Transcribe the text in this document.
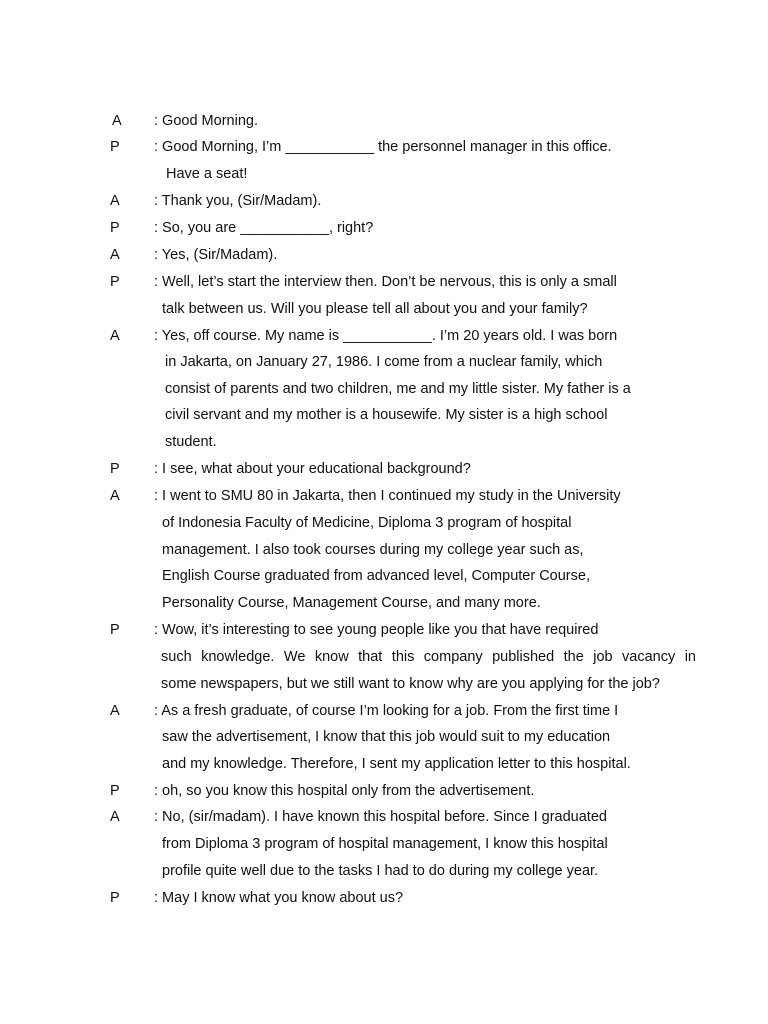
A : Good Morning.
P : Good Morning, I’m ___________ the personnel manager in this office.
Have a seat!
A : Thank you, (Sir/Madam).
P : So, you are ___________, right?
A : Yes, (Sir/Madam).
P : Well, let’s start the interview then. Don’t be nervous, this is only a small
talk between us. Will you please tell all about you and your family?
A : Yes, off course. My name is ___________. I’m 20 years old. I was born
in Jakarta, on January 27, 1986. I come from a nuclear family, which
consist of parents and two children, me and my little sister. My father is a
civil servant and my mother is a housewife. My sister is a high school
student.
P : I see, what about your educational background?
A : I went to SMU 80 in Jakarta, then I continued my study in the University
of Indonesia Faculty of Medicine, Diploma 3 program of hospital
management. I also took courses during my college year such as,
English Course graduated from advanced level, Computer Course,
Personality Course, Management Course, and many more.
P : Wow, it’s interesting to see young people like you that have required
such knowledge. We know that this company published the job vacancy in
some newspapers, but we still want to know why are you applying for the job?
A : As a fresh graduate, of course I’m looking for a job. From the first time I
saw the advertisement, I know that this job would suit to my education
and my knowledge. Therefore, I sent my application letter to this hospital.
P : oh, so you know this hospital only from the advertisement.
A : No, (sir/madam). I have known this hospital before. Since I graduated
from Diploma 3 program of hospital management, I know this hospital
profile quite well due to the tasks I had to do during my college year.
P : May I know what you know about us?
